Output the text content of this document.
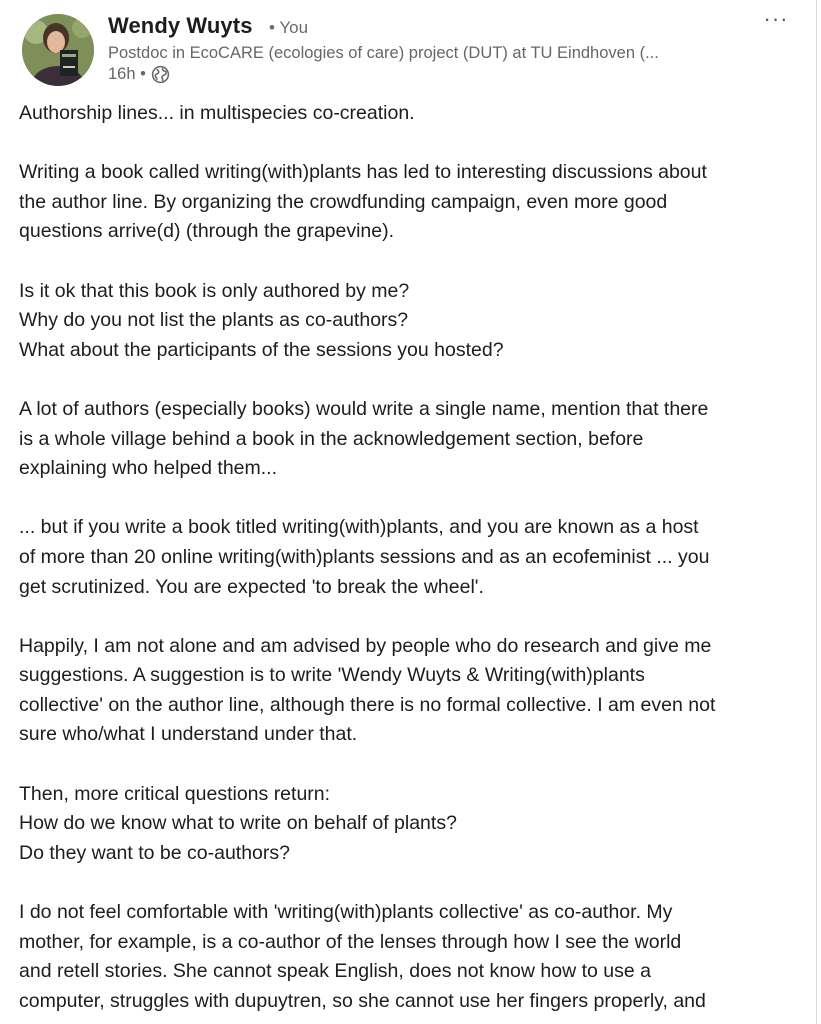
Wendy Wuyts • You
Postdoc in EcoCARE (ecologies of care) project (DUT) at TU Eindhoven (...
16h •
···
Authorship lines... in multispecies co-creation.
Writing a book called writing(with)plants has led to interesting discussions about
the author line. By organizing the crowdfunding campaign, even more good
questions arrive(d) (through the grapevine).
Is it ok that this book is only authored by me?
Why do you not list the plants as co-authors?
What about the participants of the sessions you hosted?
A lot of authors (especially books) would write a single name, mention that there
is a whole village behind a book in the acknowledgement section, before
explaining who helped them...
... but if you write a book titled writing(with)plants, and you are known as a host
of more than 20 online writing(with)plants sessions and as an ecofeminist ... you
get scrutinized. You are expected 'to break the wheel'.
Happily, I am not alone and am advised by people who do research and give me
suggestions. A suggestion is to write 'Wendy Wuyts & Writing(with)plants
collective' on the author line, although there is no formal collective. I am even not
sure who/what I understand under that.
Then, more critical questions return:
How do we know what to write on behalf of plants?
Do they want to be co-authors?
I do not feel comfortable with 'writing(with)plants collective' as co-author. My
mother, for example, is a co-author of the lenses through how I see the world
and retell stories. She cannot speak English, does not know how to use a
computer, struggles with dupuytren, so she cannot use her fingers properly, and
